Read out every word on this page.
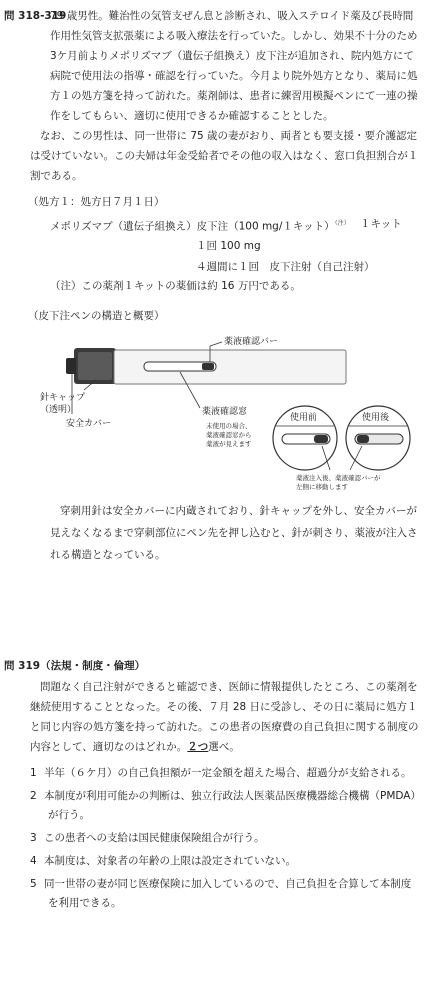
問 318-319
79 歳男性。難治性の気管支ぜん息と診断され、吸入ステロイド薬及び長時間作用性気管支拡張薬による吸入療法を行っていた。しかし、効果不十分のため3ケ月前よりメポリズマブ（遺伝子組換え）皮下注が追加され、院内処方にて病院で使用法の指導・確認を行っていた。今月より院外処方となり、薬局に処方１の処方箋を持って訪れた。薬剤師は、患者に練習用模擬ペンにて一連の操作をしてもらい、適切に使用できるか確認することとした。
なお、この男性は、同一世帯に 75 歳の妻がおり、両者とも要支援・要介護認定は受けていない。この夫婦は年金受給者でその他の収入はなく、窓口負担割合が１割である。
（処方１：処方日７月１日）
メポリズマブ（遺伝子組換え）皮下注（100 mg/１キット）$^{(注)}$ １キット
１回 100 mg
４週間に１回　皮下注射（自己注射）
（注）この薬剤１キットの薬価は約 16 万円である。
（皮下注ペンの構造と概要）
薬液確認バー
針キャップ
（透明）
安全カバー
薬液確認窓
未使用の場合、
薬液確認窓から
薬液が見えます
使用前	使用後
薬液注入後、薬液確認バーが
左側に移動します
穿刺用針は安全カバーに内蔵されており、針キャップを外し、安全カバーが見えなくなるまで穿刺部位にペン先を押し込むと、針が刺さり、薬液が注入される構造となっている。
問 319（法規・制度・倫理）
問題なく自己注射ができると確認でき、医師に情報提供したところ、この薬剤を継続使用することとなった。その後、７月 28 日に受診し、その日に薬局に処方１と同じ内容の処方箋を持って訪れた。この患者の医療費の自己負担に関する制度の内容として、適切なのはどれか。２つ選べ。
1 半年（６ケ月）の自己負担額が一定金額を超えた場合、超過分が支給される。
2 本制度が利用可能かの判断は、独立行政法人医薬品医療機器総合機構（PMDA）
が行う。
3 この患者への支給は国民健康保険組合が行う。
4 本制度は、対象者の年齢の上限は設定されていない。
5 同一世帯の妻が同じ医療保険に加入しているので、自己負担を合算して本制度
を利用できる。
